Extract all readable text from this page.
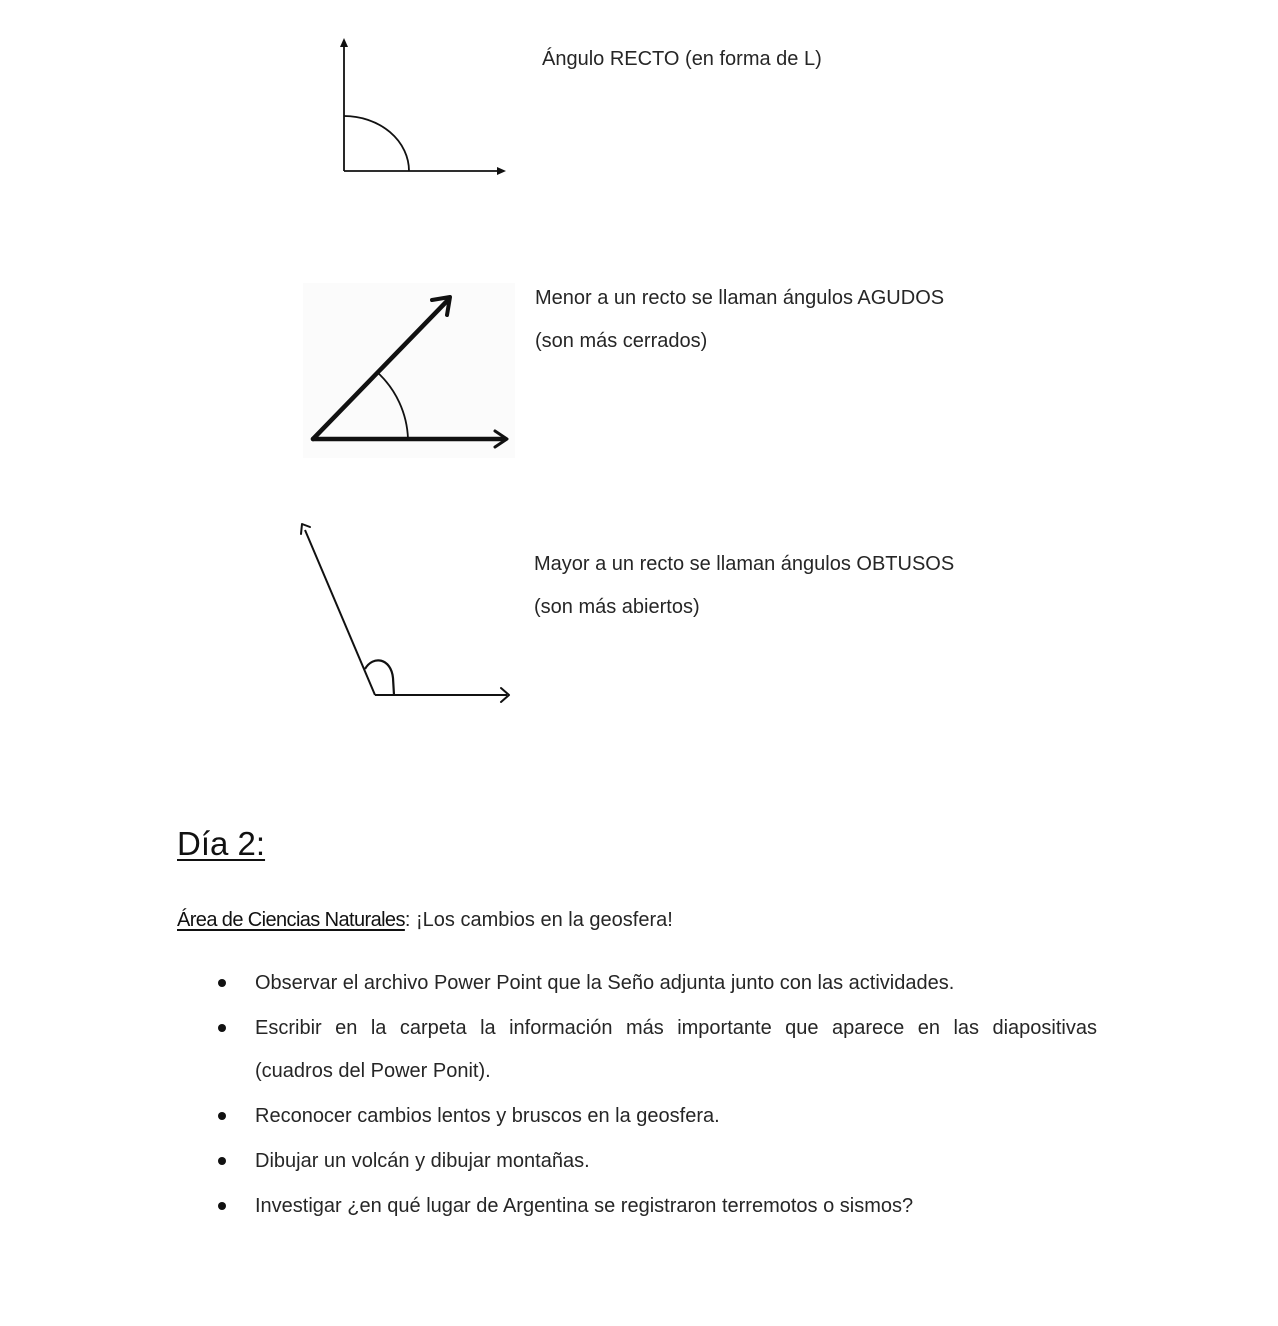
Ángulo RECTO (en forma de L)
Menor a un recto se llaman ángulos AGUDOS
(son más cerrados)
Mayor a un recto se llaman ángulos OBTUSOS
(son más abiertos)
Día 2:
Área de Ciencias Naturales: ¡Los cambios en la geosfera!
Observar el archivo Power Point que la Seño adjunta junto con las actividades.
Escribir en la carpeta la información más importante que aparece en las diapositivas
(cuadros del Power Ponit).
Reconocer cambios lentos y bruscos en la geosfera.
Dibujar un volcán y dibujar montañas.
Investigar ¿en qué lugar de Argentina se registraron terremotos o sismos?
